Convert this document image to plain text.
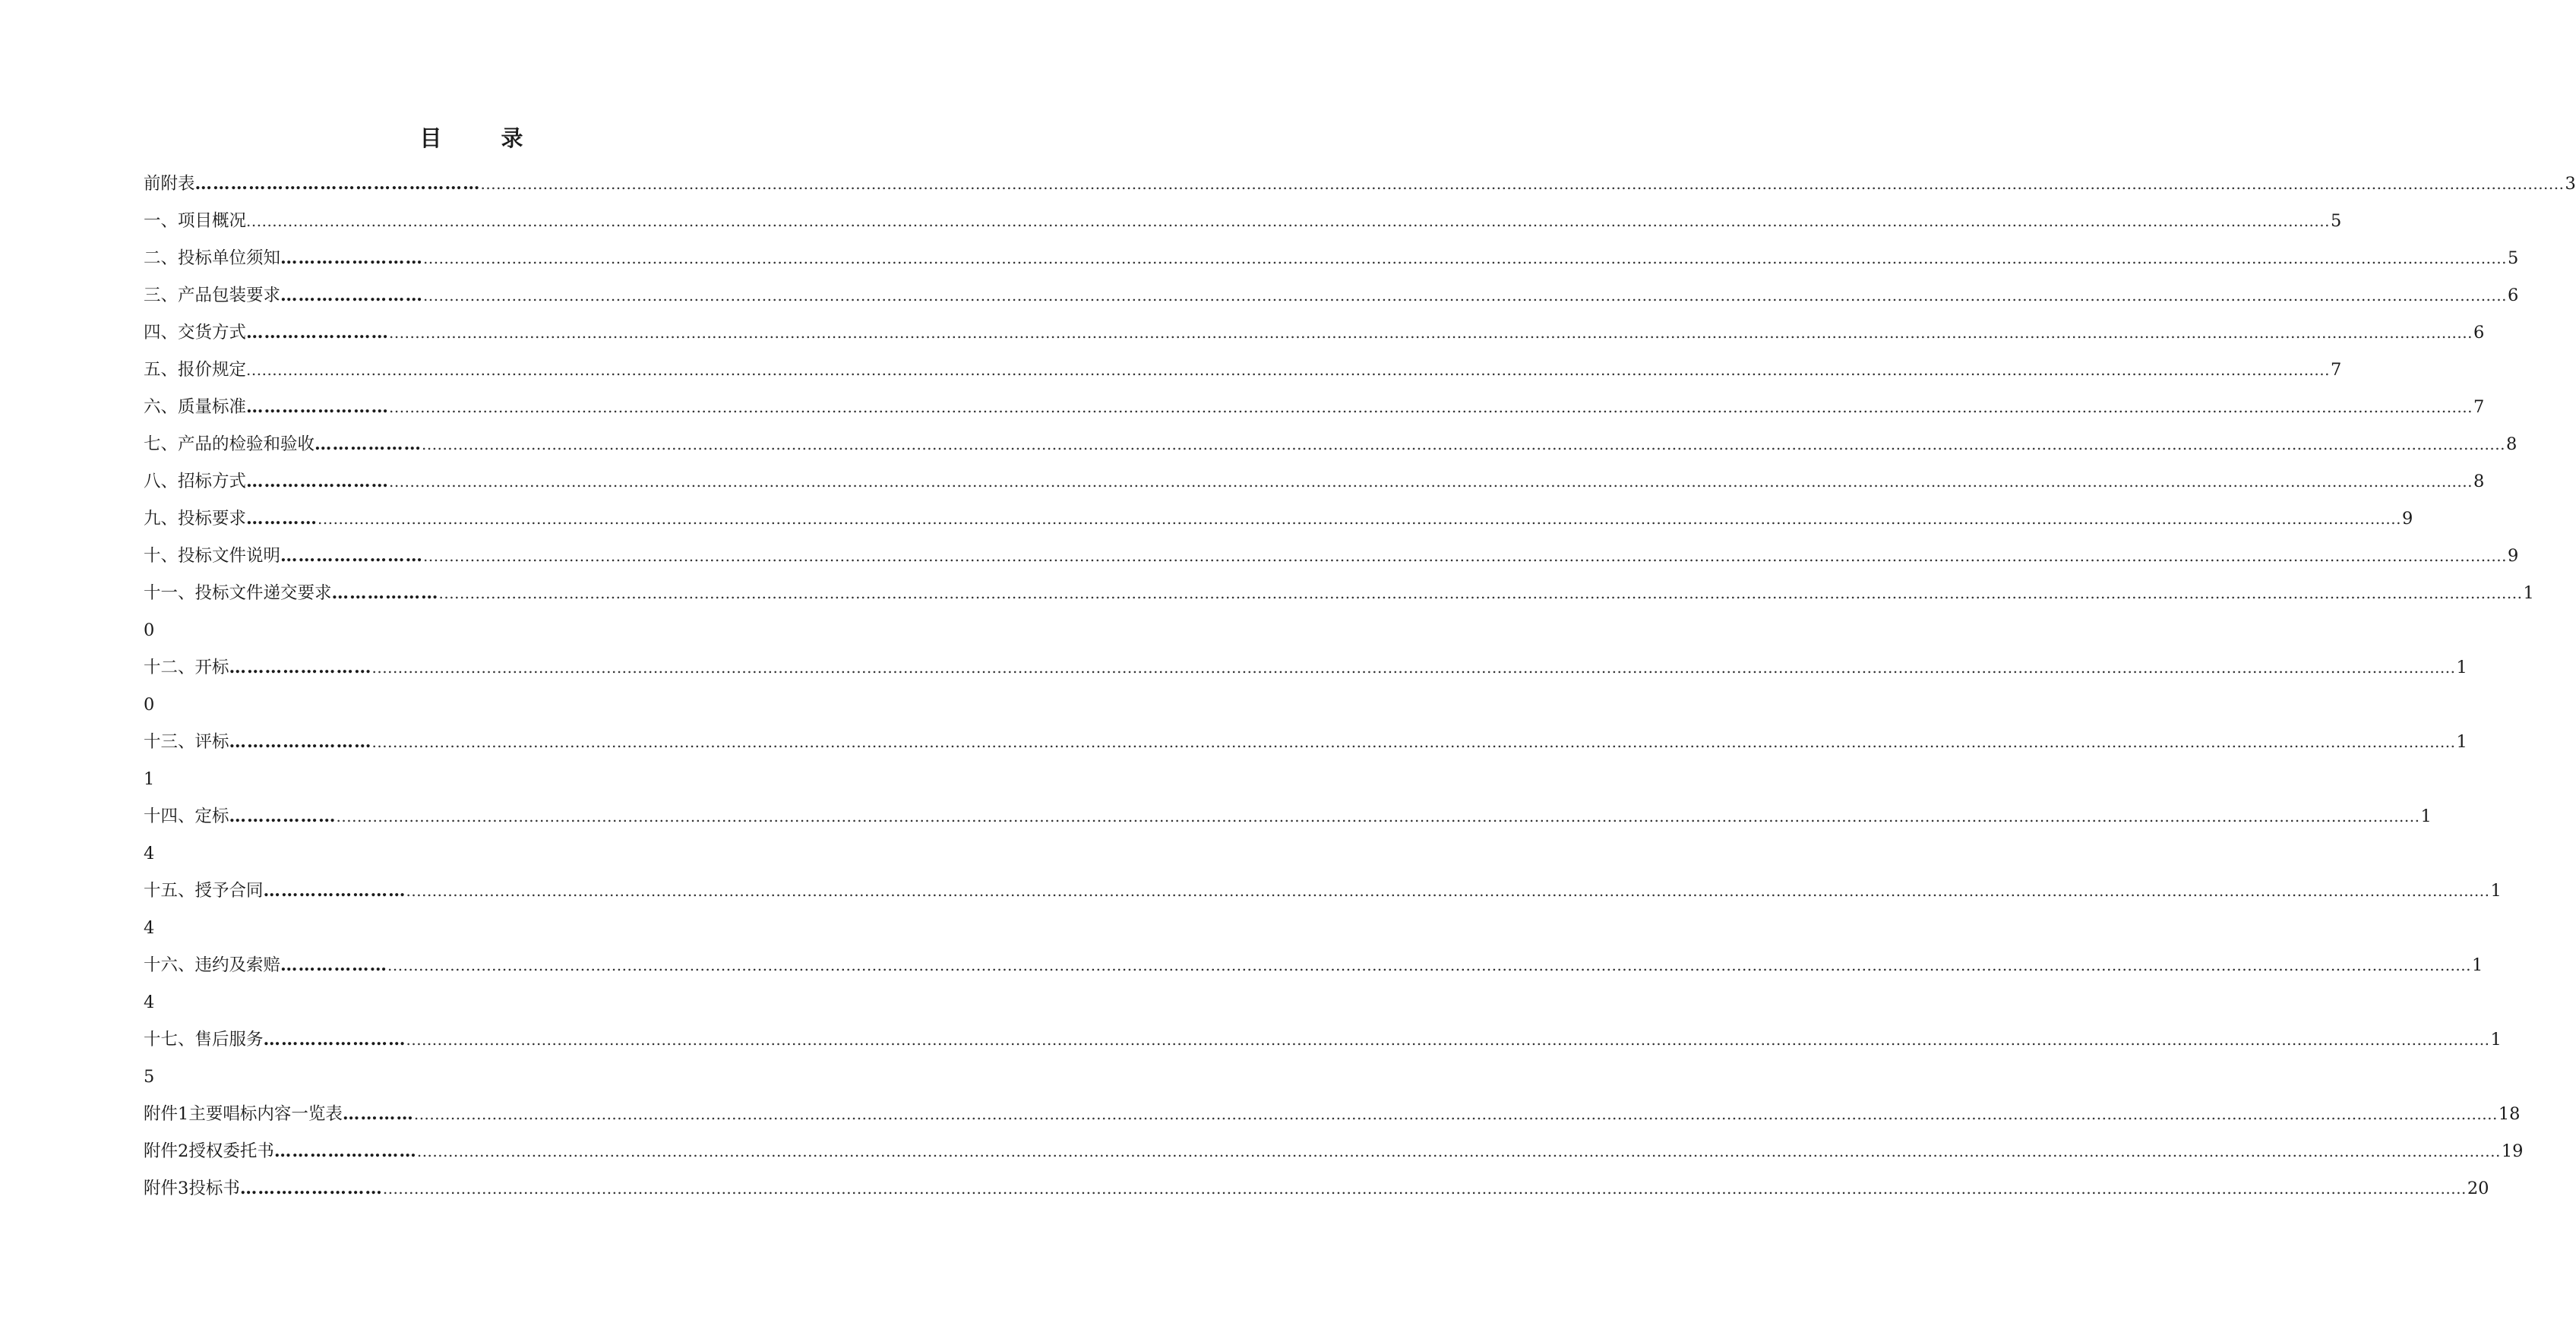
目 录
前附表 ………………………………………… ................................................................................................................................................................................................................................................................................................................................................................................................................ 3
一、项目概况 ................................................................................................................................................................................................................................................................................................................................................................................................................ 5
二、投标单位须知 …………………… ................................................................................................................................................................................................................................................................................................................................................................................................................ 5
三、产品包装要求 …………………… ................................................................................................................................................................................................................................................................................................................................................................................................................ 6
四、交货方式 …………………… ................................................................................................................................................................................................................................................................................................................................................................................................................ 6
五、报价规定 ................................................................................................................................................................................................................................................................................................................................................................................................................ 7
六、质量标准 …………………… ................................................................................................................................................................................................................................................................................................................................................................................................................ 7
七、产品的检验和验收 ……………… ................................................................................................................................................................................................................................................................................................................................................................................................................ 8
八、招标方式 …………………… ................................................................................................................................................................................................................................................................................................................................................................................................................ 8
九、投标要求 ………… ................................................................................................................................................................................................................................................................................................................................................................................................................ 9
十、投标文件说明 …………………… ................................................................................................................................................................................................................................................................................................................................................................................................................ 9
十一、投标文件递交要求 ……………… ................................................................................................................................................................................................................................................................................................................................................................................................................ 1
0
十二、开标 …………………… ................................................................................................................................................................................................................................................................................................................................................................................................................ 1
0
十三、评标 …………………… ................................................................................................................................................................................................................................................................................................................................................................................................................ 1
1
十四、定标 ……………… ................................................................................................................................................................................................................................................................................................................................................................................................................ 1
4
十五、授予合同 …………………… ................................................................................................................................................................................................................................................................................................................................................................................................................ 1
4
十六、违约及索赔 ……………… ................................................................................................................................................................................................................................................................................................................................................................................................................ 1
4
十七、售后服务 …………………… ................................................................................................................................................................................................................................................................................................................................................................................................................ 1
5
附件1 主要唱标内容一览表 ………… ................................................................................................................................................................................................................................................................................................................................................................................................................ 18
附件2 授权委托书 …………………… ................................................................................................................................................................................................................................................................................................................................................................................................................ 19
附件3 投标书 …………………… ................................................................................................................................................................................................................................................................................................................................................................................................................ 20
